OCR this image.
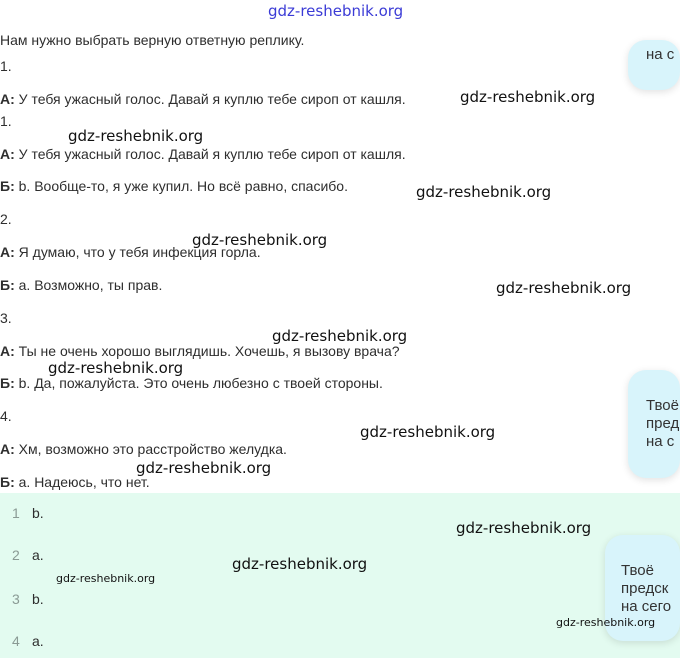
gdz-reshebnik.org
Нам нужно выбрать верную ответную реплику.
1.
А: У тебя ужасный голос. Давай я куплю тебе сироп от кашля.
1.
А: У тебя ужасный голос. Давай я куплю тебе сироп от кашля.
Б: b. Вообще-то, я уже купил. Но всё равно, спасибо.
2.
А: Я думаю, что у тебя инфекция горла.
Б: a. Возможно, ты прав.
3.
А: Ты не очень хорошо выглядишь. Хочешь, я вызову врача?
Б: b. Да, пожалуйста. Это очень любезно с твоей стороны.
4.
А: Хм, возможно это расстройство желудка.
Б: a. Надеюсь, что нет.
1 b.
2 a.
3 b.
4 a.
на с
Твоё
пред
на с
Твоё
предск
на сего
gdz-reshebnik.org
gdz-reshebnik.org
gdz-reshebnik.org
gdz-reshebnik.org
gdz-reshebnik.org
gdz-reshebnik.org
gdz-reshebnik.org
gdz-reshebnik.org
gdz-reshebnik.org
gdz-reshebnik.org
gdz-reshebnik.org
gdz-reshebnik.org
gdz-reshebnik.org
